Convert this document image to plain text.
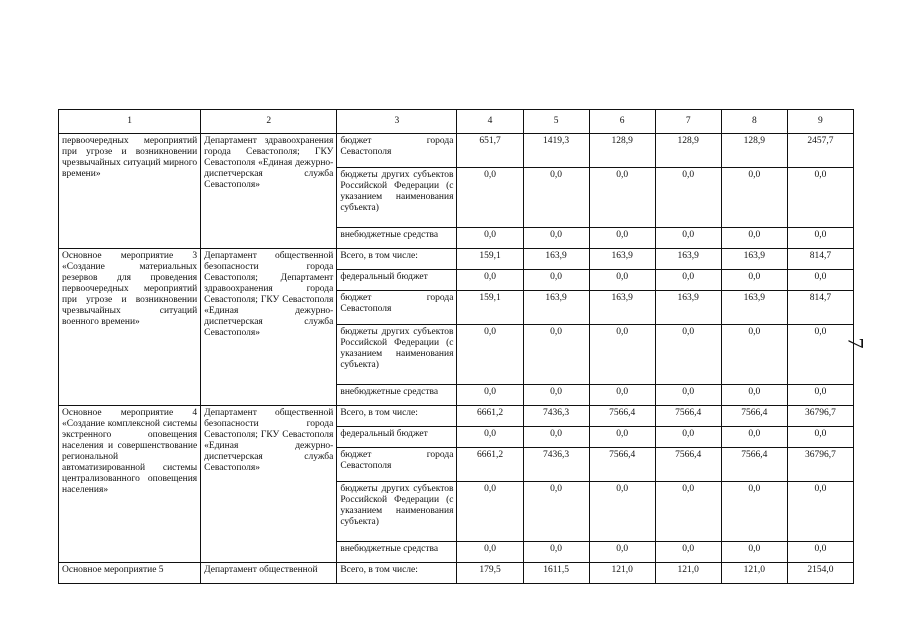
7
1	2	3	4	5	6	7	8	9
первоочередных мероприятий при угрозе и возникновении чрезвычайных ситуаций мирного времени»	Департамент здравоохранения города Севастополя; ГКУ Севастополя «Единая дежурно-диспетчерская служба Севастополя»	бюджет города Севастополя	651,7	1419,3	128,9	128,9	128,9	2457,7
		бюджеты других субъектов Российской Федерации (с указанием наименования субъекта)	0,0	0,0	0,0	0,0	0,0	0,0
		внебюджетные средства	0,0	0,0	0,0	0,0	0,0	0,0
Основное мероприятие 3 «Создание материальных резервов для проведения первоочередных мероприятий при угрозе и возникновении чрезвычайных ситуаций военного времени»	Департамент общественной безопасности города Севастополя; Департамент здравоохранения города Севастополя; ГКУ Севастополя «Единая дежурно-диспетчерская служба Севастополя»	Всего, в том числе:	159,1	163,9	163,9	163,9	163,9	814,7
		федеральный бюджет	0,0	0,0	0,0	0,0	0,0	0,0
		бюджет города Севастополя	159,1	163,9	163,9	163,9	163,9	814,7
		бюджеты других субъектов Российской Федерации (с указанием наименования субъекта)	0,0	0,0	0,0	0,0	0,0	0,0
		внебюджетные средства	0,0	0,0	0,0	0,0	0,0	0,0
Основное мероприятие 4 «Создание комплексной системы экстренного оповещения населения и совершенствование региональной автоматизированной системы централизованного оповещения населения»	Департамент общественной безопасности города Севастополя; ГКУ Севастополя «Единая дежурно-диспетчерская служба Севастополя»	Всего, в том числе:	6661,2	7436,3	7566,4	7566,4	7566,4	36796,7
		федеральный бюджет	0,0	0,0	0,0	0,0	0,0	0,0
		бюджет города Севастополя	6661,2	7436,3	7566,4	7566,4	7566,4	36796,7
		бюджеты других субъектов Российской Федерации (с указанием наименования субъекта)	0,0	0,0	0,0	0,0	0,0	0,0
		внебюджетные средства	0,0	0,0	0,0	0,0	0,0	0,0
Основное мероприятие 5	Департамент общественной	Всего, в том числе:	179,5	1611,5	121,0	121,0	121,0	2154,0
